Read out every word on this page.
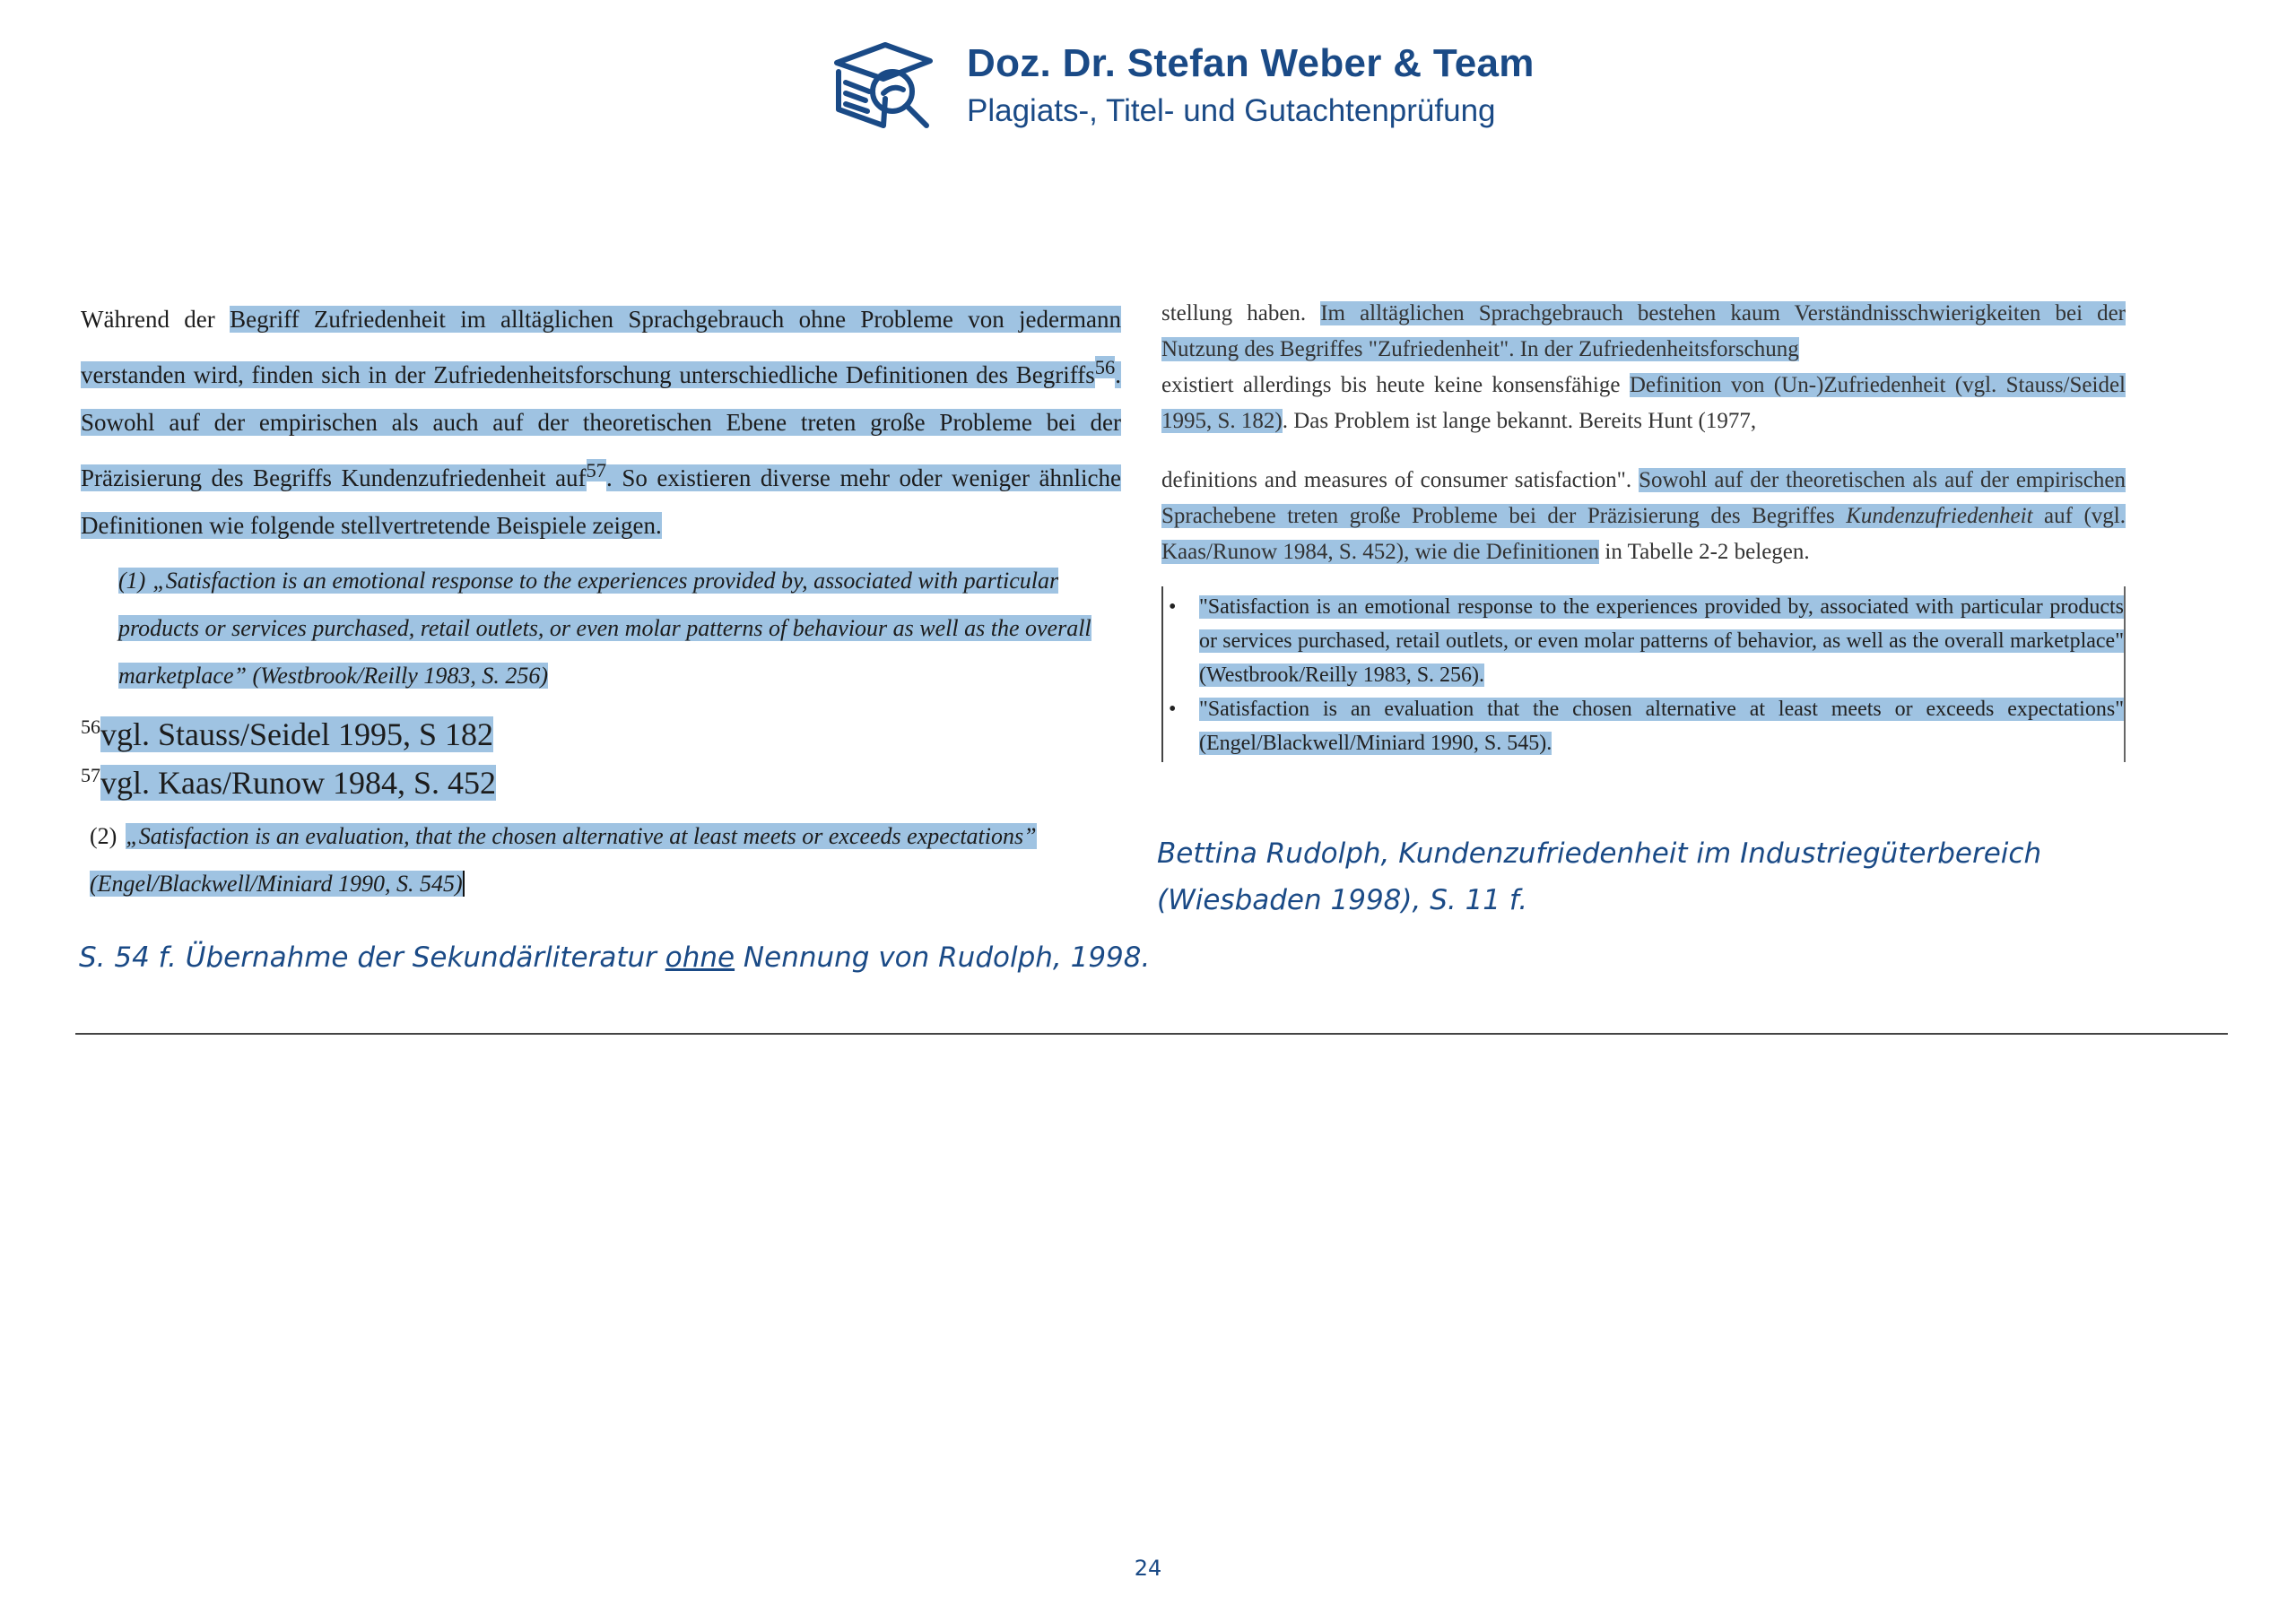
Doz. Dr. Stefan Weber & Team
Plagiats-, Titel- und Gutachtenprüfung

Während der Begriff Zufriedenheit im alltäglichen Sprachgebrauch ohne Probleme von jedermann verstanden wird, finden sich in der Zufriedenheitsforschung unterschiedliche Definitionen des Begriffs$^{56}$. Sowohl auf der empirischen als auch auf der theoretischen Ebene treten große Probleme bei der Präzisierung des Begriffs Kundenzufriedenheit auf$^{57}$. So existieren diverse mehr oder weniger ähnliche Definitionen wie folgende stellvertretende Beispiele zeigen.

(1) „Satisfaction is an emotional response to the experiences provided by, associated with particular products or services purchased, retail outlets, or even molar patterns of behaviour as well as the overall marketplace” (Westbrook/Reilly 1983, S. 256)

$^{56}$vgl. Stauss/Seidel 1995, S 182
$^{57}$vgl. Kaas/Runow 1984, S. 452

(2) „Satisfaction is an evaluation, that the chosen alternative at least meets or exceeds expectations” (Engel/Blackwell/Miniard 1990, S. 545)

S. 54 f. Übernahme der Sekundärliteratur ohne Nennung von Rudolph, 1998.

stellung haben. Im alltäglichen Sprachgebrauch bestehen kaum Verständnisschwierigkeiten bei der Nutzung des Begriffes "Zufriedenheit". In der Zufriedenheitsforschung

existiert allerdings bis heute keine konsensfähige Definition von (Un-)Zufriedenheit (vgl. Stauss/Seidel 1995, S. 182). Das Problem ist lange bekannt. Bereits Hunt (1977,

definitions and measures of consumer satisfaction". Sowohl auf der theoretischen als auf der empirischen Sprachebene treten große Probleme bei der Präzisierung des Begriffes Kundenzufriedenheit auf (vgl. Kaas/Runow 1984, S. 452), wie die Definitionen in Tabelle 2-2 belegen.

• "Satisfaction is an emotional response to the experiences provided by, associated with particular products or services purchased, retail outlets, or even molar patterns of behavior, as well as the overall marketplace" (Westbrook/Reilly 1983, S. 256).

• "Satisfaction is an evaluation that the chosen alternative at least meets or exceeds expectations" (Engel/Blackwell/Miniard 1990, S. 545).

Bettina Rudolph, Kundenzufriedenheit im Industriegüterbereich (Wiesbaden 1998), S. 11 f.
24
